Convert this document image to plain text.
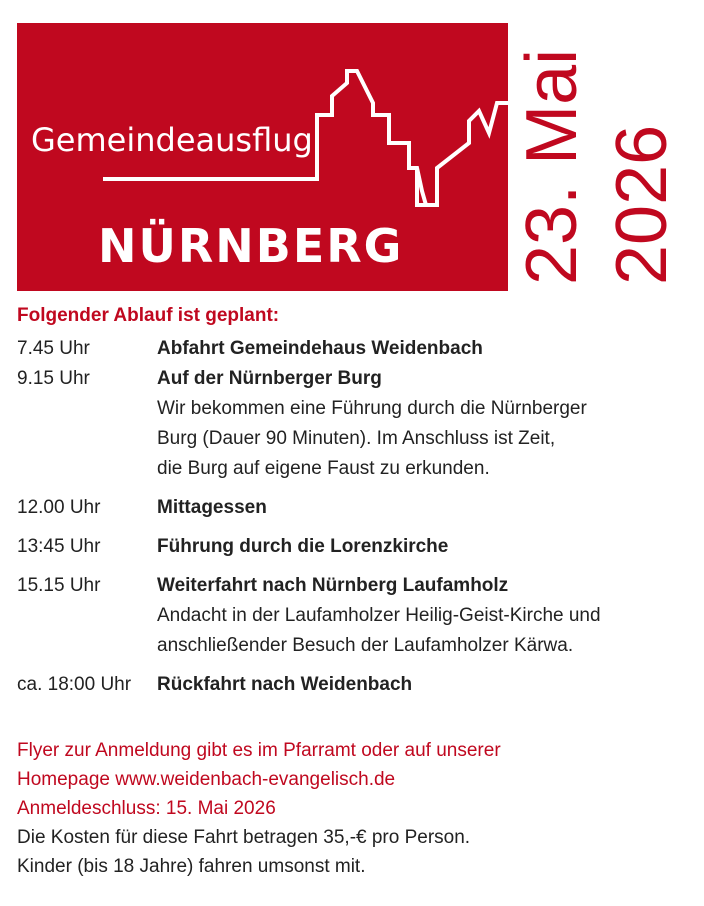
Gemeindeausflug
NÜRNBERG 23. Mai 2026
Folgender Ablauf ist geplant:
7.45 Uhr	Abfahrt Gemeindehaus Weidenbach
9.15 Uhr	Auf der Nürnberger Burg

Wir bekommen eine Führung durch die Nürnberger

Burg (Dauer 90 Minuten). Im Anschluss ist Zeit,

die Burg auf eigene Faust zu erkunden.

12.00 Uhr	Mittagessen
13:45 Uhr	Führung durch die Lorenzkirche
15.15 Uhr	Weiterfahrt nach Nürnberg Laufamholz

Andacht in der Laufamholzer Heilig-Geist-Kirche und

anschließender Besuch der Laufamholzer Kärwa.

ca. 18:00 Uhr Rückfahrt nach Weidenbach
Flyer zur Anmeldung gibt es im Pfarramt oder auf unserer
Homepage www.weidenbach-evangelisch.de
Anmeldeschluss: 15. Mai 2026
Die Kosten für diese Fahrt betragen 35,-€ pro Person.
Kinder (bis 18 Jahre) fahren umsonst mit.
